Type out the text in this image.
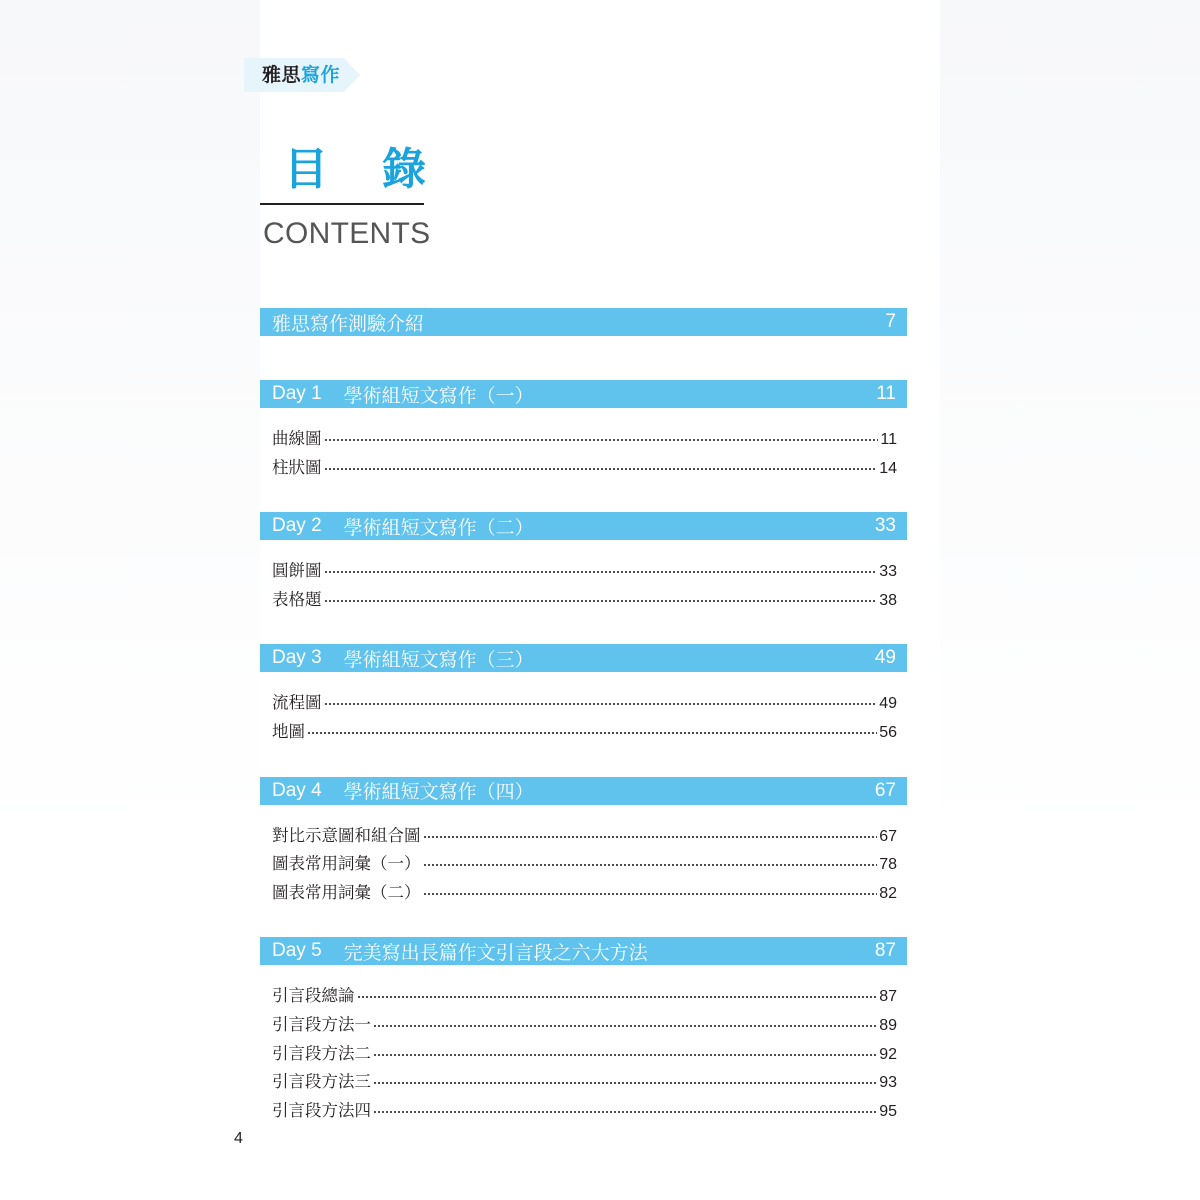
雅思寫作
目錄
CONTENTS
雅思寫作測驗介紹	7
Day 1 學術組短文寫作（一）	11
曲線圖	11
柱狀圖	14
Day 2 學術組短文寫作（二）	33
圓餅圖	33
表格題	38
Day 3 學術組短文寫作（三）	49
流程圖	49
地圖	56
Day 4 學術組短文寫作（四）	67
對比示意圖和組合圖	67
圖表常用詞彙（一）	78
圖表常用詞彙（二）	82
Day 5 完美寫出長篇作文引言段之六大方法	87
引言段總論	87
引言段方法一	89
引言段方法二	92
引言段方法三	93
引言段方法四	95
4
